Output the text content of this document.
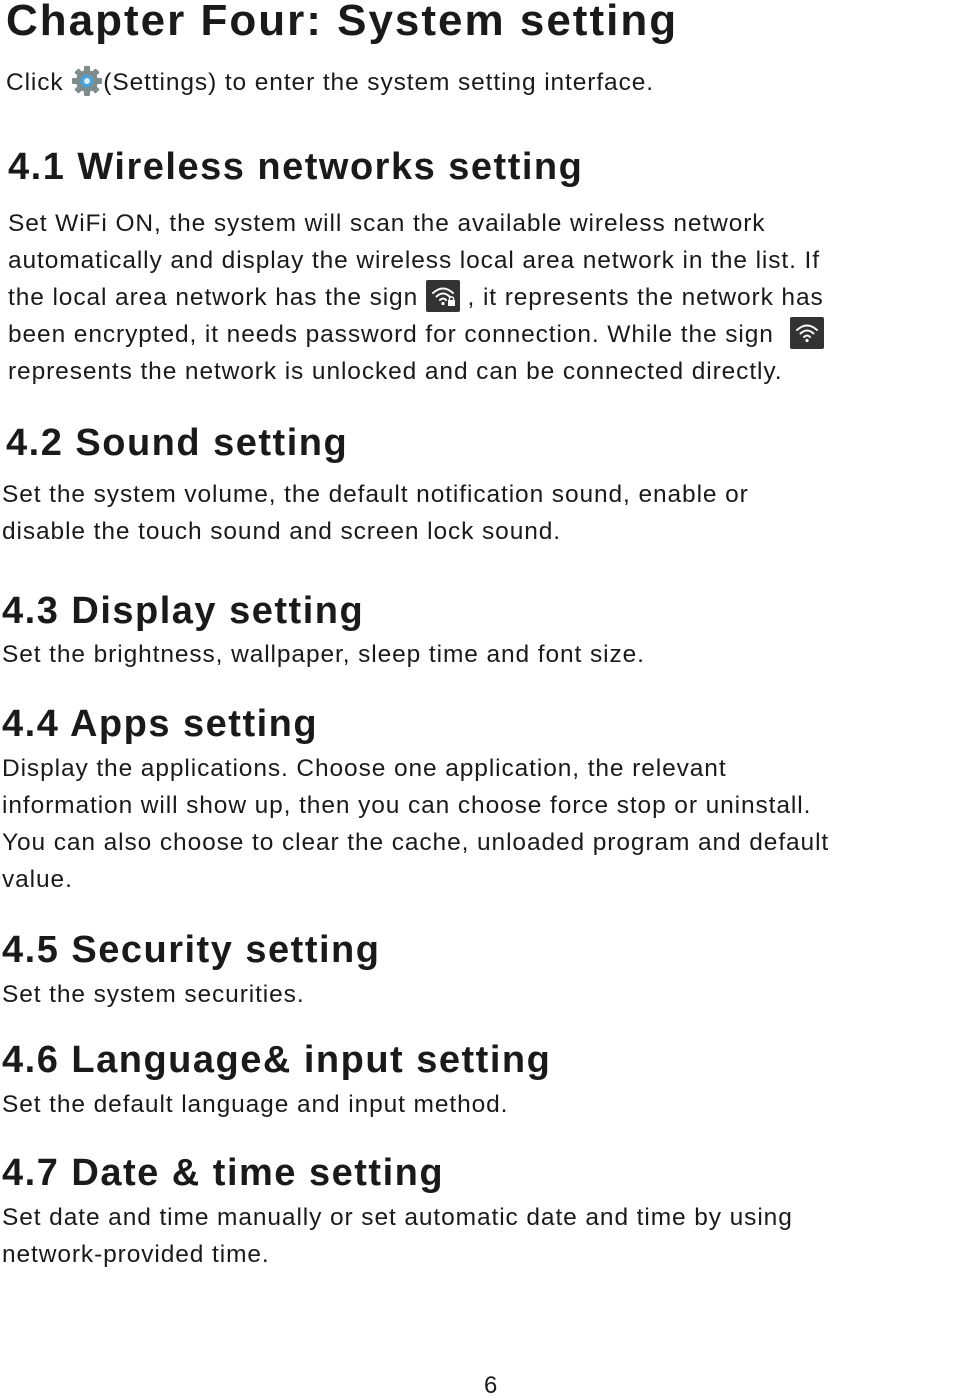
Chapter Four: System setting
Click (Settings) to enter the system setting interface.
4.1 Wireless networks setting
Set WiFi ON, the system will scan the available wireless network
automatically and display the wireless local area network in the list. If
the local area network has the sign
, it represents the network has
been encrypted, it needs password for connection. While the sign
represents the network is unlocked and can be connected directly.
4.2 Sound setting
Set the system volume, the default notification sound, enable or
disable the touch sound and screen lock sound.
4.3 Display setting
Set the brightness, wallpaper, sleep time and font size.
4.4 Apps setting
Display the applications. Choose one application, the relevant
information will show up, then you can choose force stop or uninstall.
You can also choose to clear the cache, unloaded program and default
value.
4.5 Security setting
Set the system securities.
4.6 Language& input setting
Set the default language and input method.
4.7 Date & time setting
Set date and time manually or set automatic date and time by using
network-provided time.
6
